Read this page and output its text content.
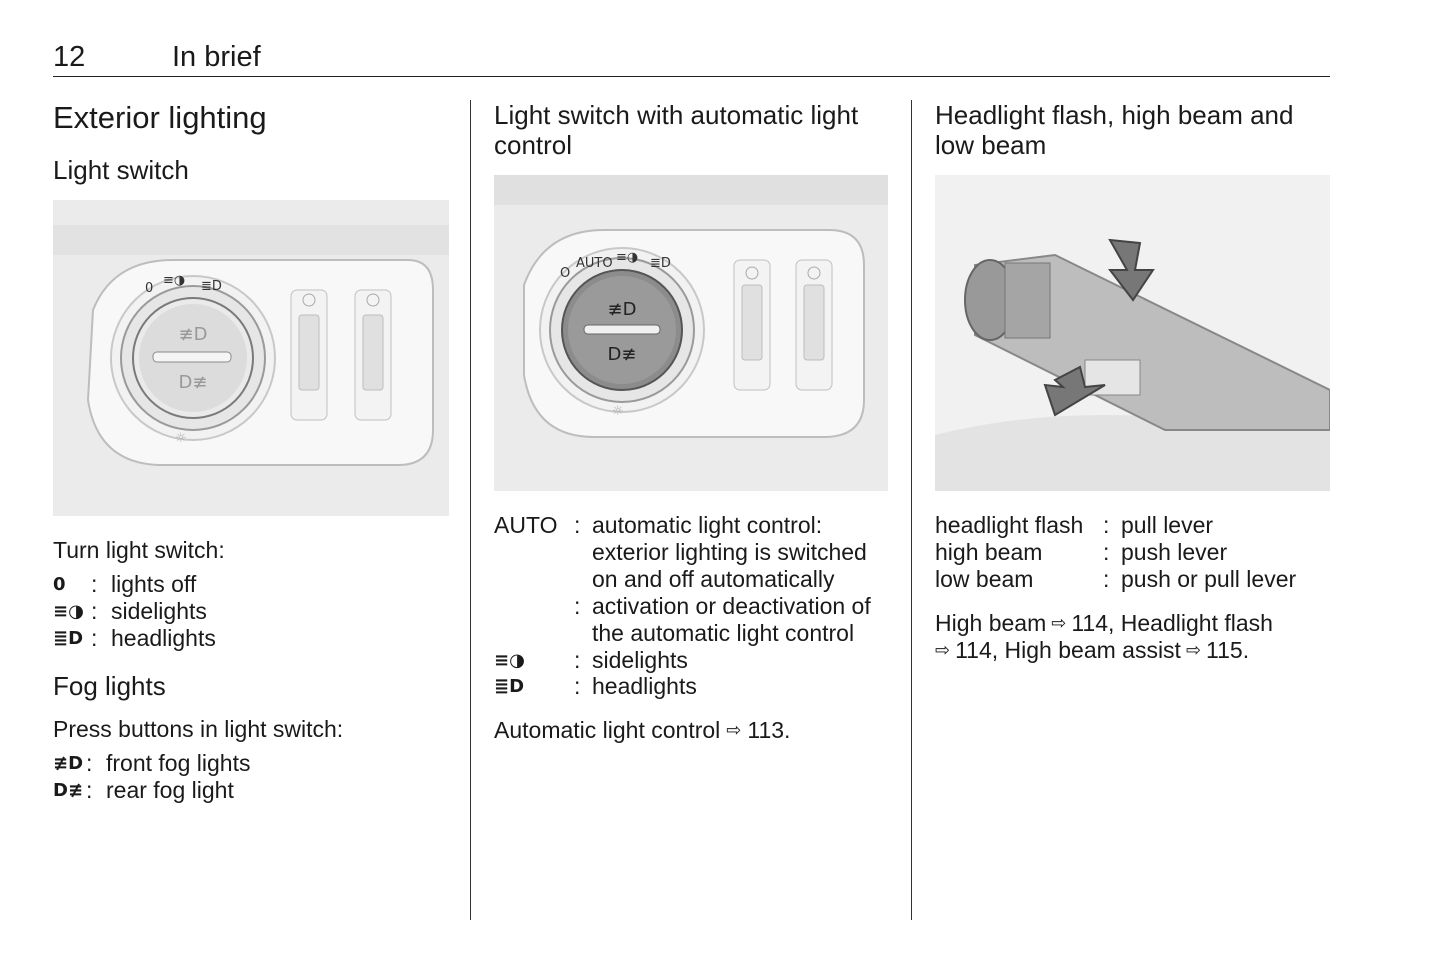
12	In brief
Exterior lighting
Light switch
≢D
D≢
0
≡◑ ≣D
☼
Turn light switch:
0	: lights off
≡◑ : sidelights
≣D : headlights
Fog lights
Press buttons in light switch:
≢D : front fog lights
D≢ : rear fog light
Light switch with automatic light
control
≢D
D≢
O
AUTO ≡◑ ≣D
☼
AUTO : automatic light control:
exterior lighting is switched
on and off automatically
: activation or deactivation of
the automatic light control
≡◑	: sidelights
≣D	: headlights
Automatic light control ⇨ 113.
Headlight flash, high beam and
low beam
headlight flash : pull lever
high beam	: push lever
low beam	: push or pull lever
High beam ⇨ 114, Headlight flash
⇨ 114, High beam assist ⇨ 115.
